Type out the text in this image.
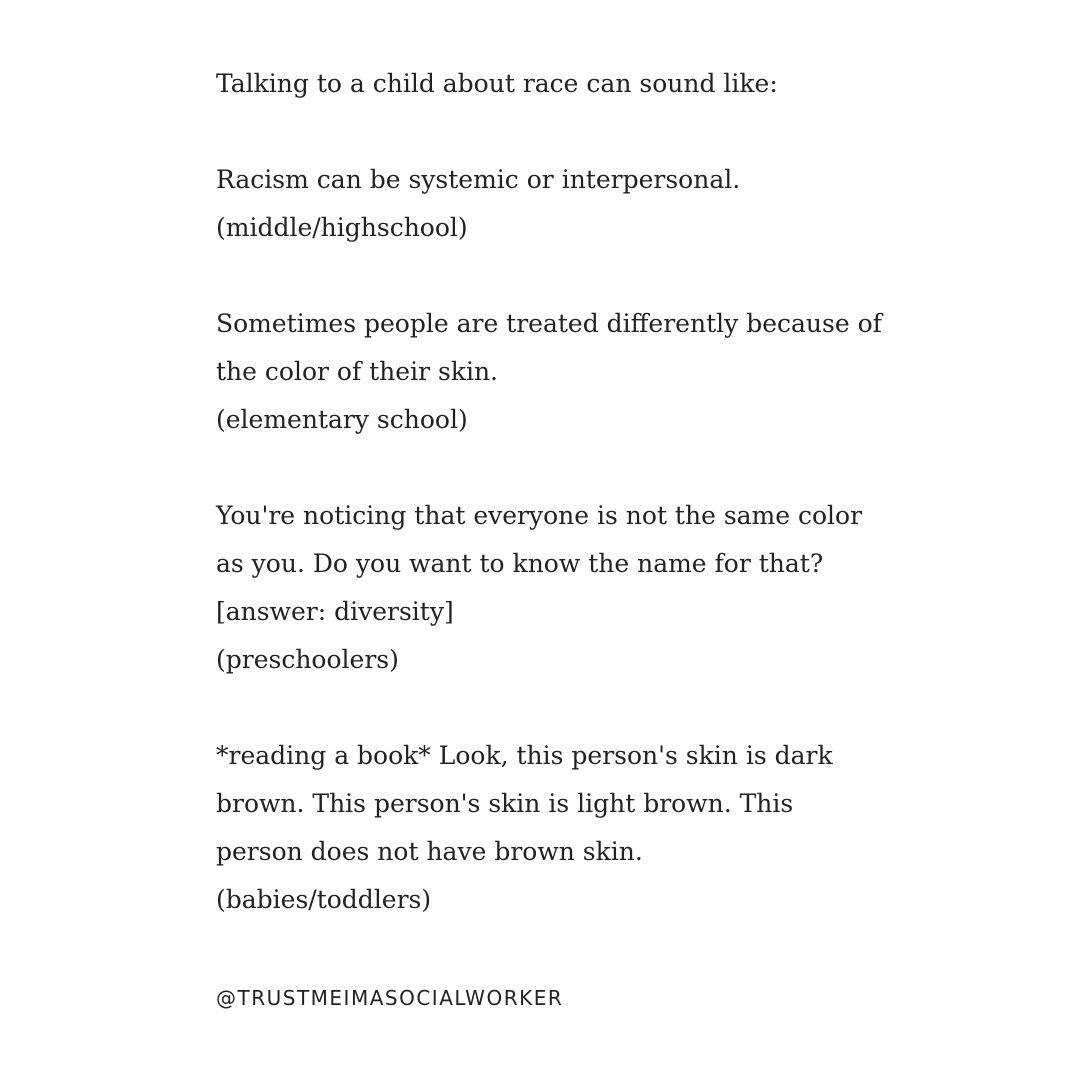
Talking to a child about race can sound like:
Racism can be systemic or interpersonal.
(middle/highschool)
Sometimes people are treated differently because of
the color of their skin.
(elementary school)
You're noticing that everyone is not the same color
as you. Do you want to know the name for that?
[answer: diversity]
(preschoolers)
*reading a book* Look, this person's skin is dark
brown. This person's skin is light brown. This
person does not have brown skin.
(babies/toddlers)
@TRUSTMEIMASOCIALWORKER
